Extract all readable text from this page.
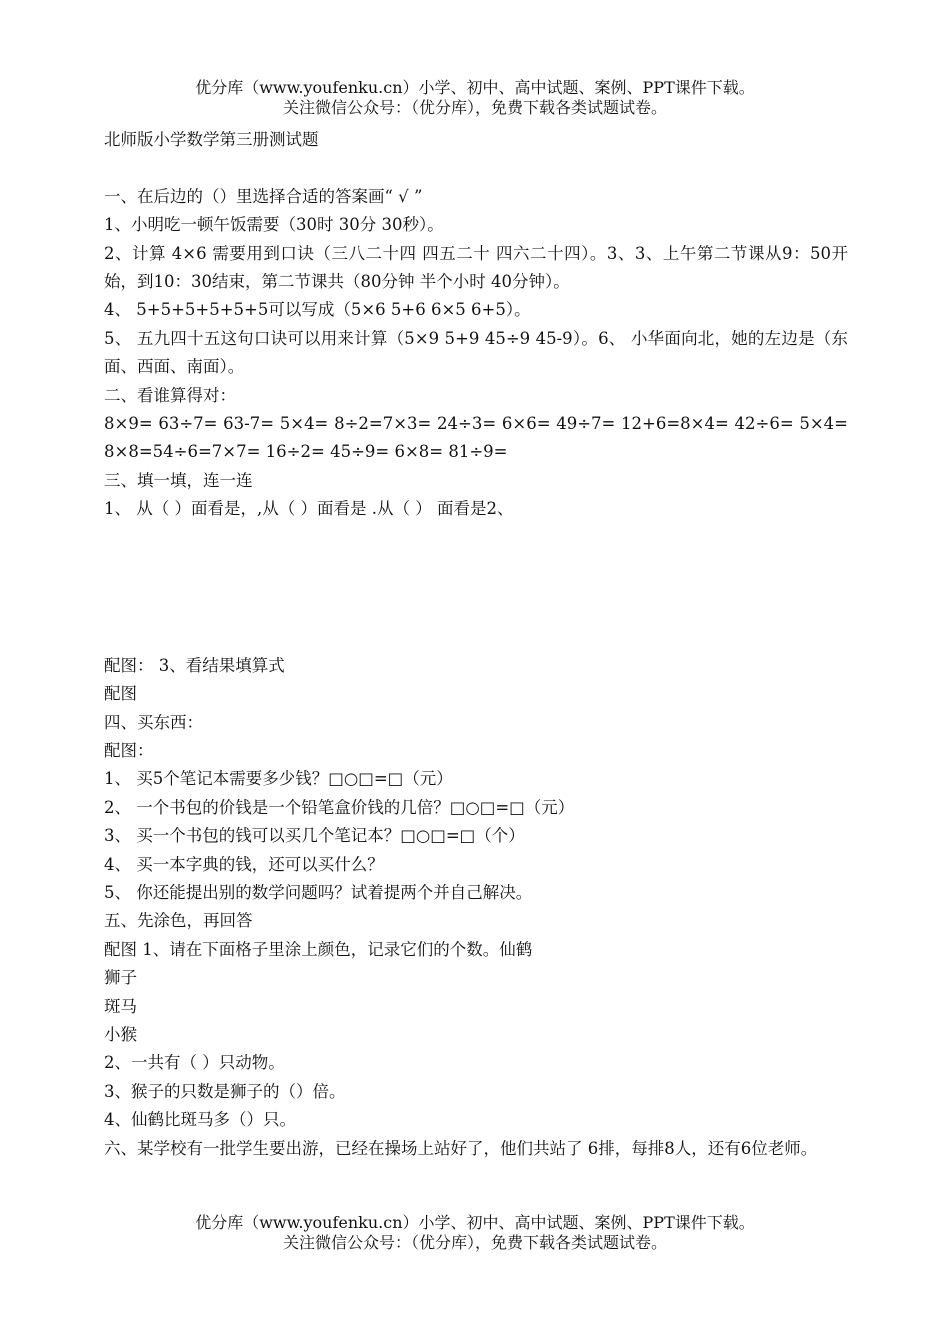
优分库（www.youfenku.cn）小学、初中、高中试题、案例、PPT课件下载。
关注微信公众号：（优分库），免费下载各类试题试卷。

北师版小学数学第三册测试题

一、在后边的（）里选择合适的答案画“ √ ”

1、小明吃一顿午饭需要（30时 30分 30秒）。

2、计算 4×6 需要用到口诀（三八二十四 四五二十 四六二十四）。3、3、上午第二节课从9：50开始，到10：30结束，第二节课共（80分钟 半个小时 40分钟）。

4、 5+5+5+5+5+5可以写成（5×6 5+6 6×5 6+5）。

5、 五九四十五这句口诀可以用来计算（5×9 5+9 45÷9 45-9）。6、 小华面向北，她的左边是（东面、西面、南面）。

二、看谁算得对：

8×9= 63÷7= 63-7= 5×4= 8÷2=7×3= 24÷3= 6×6= 49÷7= 12+6=8×4= 42÷6= 5×4= 8×8=54÷6=7×7= 16÷2= 45÷9= 6×8= 81÷9=

三、填一填，连一连

1、 从（ ）面看是，,从（ ）面看是 .从（ ） 面看是2、

配图： 3、看结果填算式

配图

四、买东西：

配图：

1、 买5个笔记本需要多少钱？□○□=□（元）

2、 一个书包的价钱是一个铅笔盒价钱的几倍？□○□=□（元）

3、 买一个书包的钱可以买几个笔记本？□○□=□（个）

4、 买一本字典的钱，还可以买什么？

5、 你还能提出别的数学问题吗？试着提两个并自己解决。

五、先涂色，再回答

配图 1、请在下面格子里涂上颜色，记录它们的个数。仙鹤

狮子

斑马

小猴

2、一共有（ ）只动物。

3、猴子的只数是狮子的（）倍。

4、仙鹤比斑马多（）只。

六、某学校有一批学生要出游，已经在操场上站好了，他们共站了 6排，每排8人，还有6位老师。

优分库（www.youfenku.cn）小学、初中、高中试题、案例、PPT课件下载。
关注微信公众号：（优分库），免费下载各类试题试卷。
